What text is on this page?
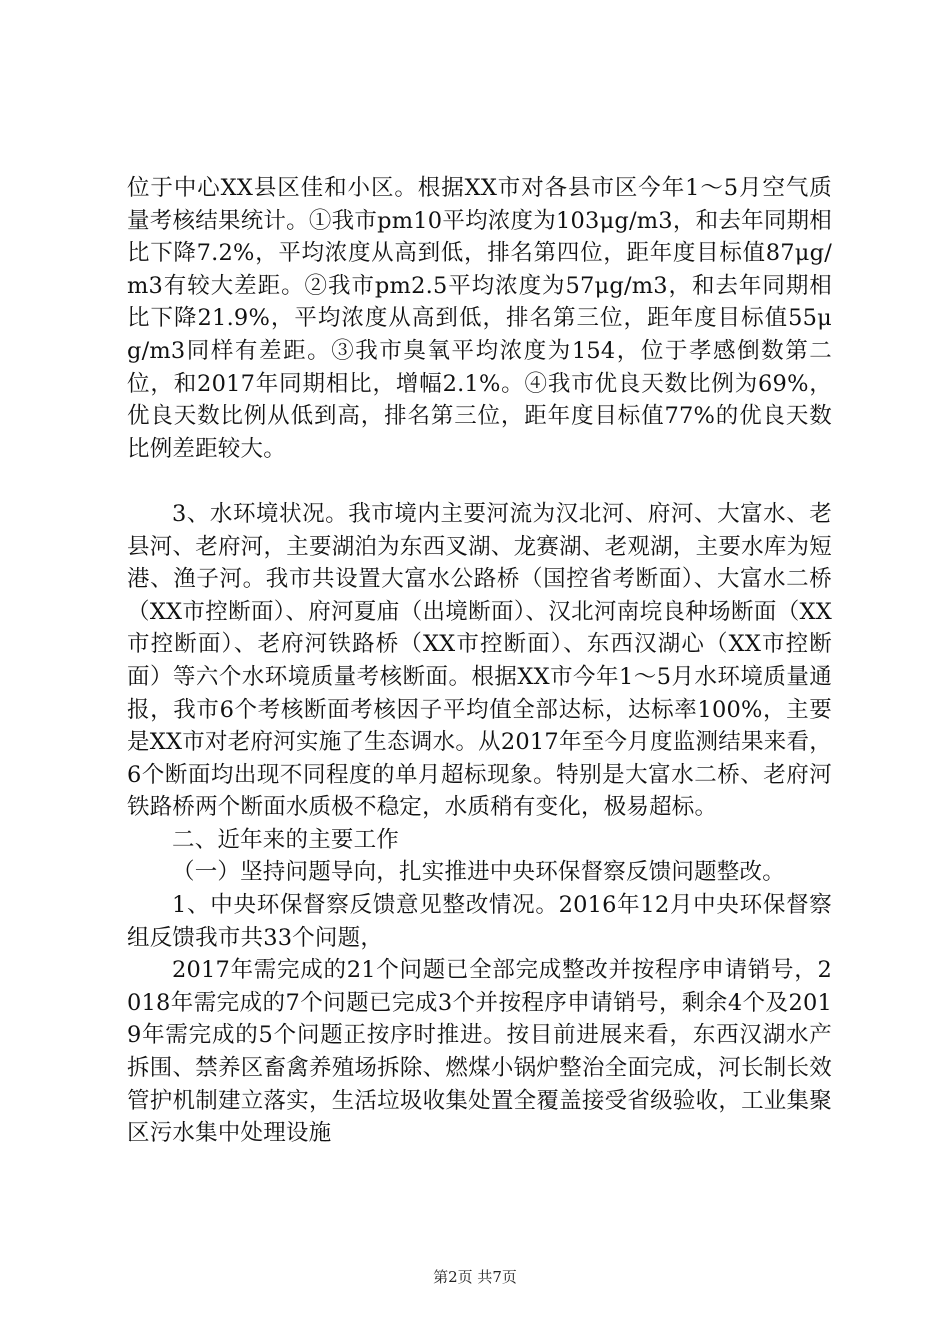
位于中心XX县区佳和小区。根据XX市对各县市区今年1～5月空气质量考核结果统计。①我市pm10平均浓度为103μg/m3，和去年同期相比下降7.2%，平均浓度从高到低，排名第四位，距年度目标值87μg/m3有较大差距。②我市pm2.5平均浓度为57μg/m3，和去年同期相比下降21.9%，平均浓度从高到低，排名第三位，距年度目标值55μg/m3同样有差距。③我市臭氧平均浓度为154，位于孝感倒数第二位，和2017年同期相比，增幅2.1%。④我市优良天数比例为69%，优良天数比例从低到高，排名第三位，距年度目标值77%的优良天数比例差距较大。

3、水环境状况。我市境内主要河流为汉北河、府河、大富水、老县河、老府河，主要湖泊为东西叉湖、龙赛湖、老观湖，主要水库为短港、渔子河。我市共设置大富水公路桥（国控省考断面）、大富水二桥（XX市控断面）、府河夏庙（出境断面）、汉北河南垸良种场断面（XX市控断面）、老府河铁路桥（XX市控断面）、东西汉湖心（XX市控断面）等六个水环境质量考核断面。根据XX市今年1～5月水环境质量通报，我市6个考核断面考核因子平均值全部达标，达标率100%，主要是XX市对老府河实施了生态调水。从2017年至今月度监测结果来看，6个断面均出现不同程度的单月超标现象。特别是大富水二桥、老府河铁路桥两个断面水质极不稳定，水质稍有变化，极易超标。

二、近年来的主要工作

（一）坚持问题导向，扎实推进中央环保督察反馈问题整改。

1、中央环保督察反馈意见整改情况。2016年12月中央环保督察组反馈我市共33个问题，

2017年需完成的21个问题已全部完成整改并按程序申请销号，2018年需完成的7个问题已完成3个并按程序申请销号，剩余4个及2019年需完成的5个问题正按序时推进。按目前进展来看，东西汉湖水产拆围、禁养区畜禽养殖场拆除、燃煤小锅炉整治全面完成，河长制长效管护机制建立落实，生活垃圾收集处置全覆盖接受省级验收，工业集聚区污水集中处理设施

第2页 共7页
